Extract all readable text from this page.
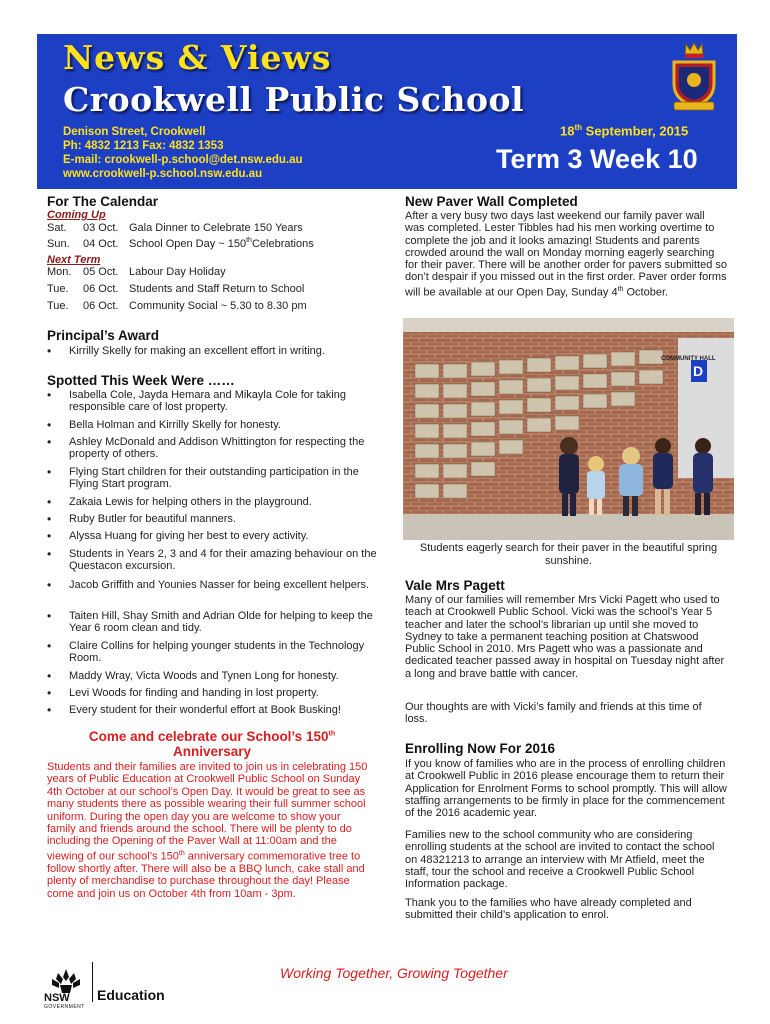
News & Views
Crookwell Public School
Denison Street, Crookwell
Ph: 4832 1213 Fax: 4832 1353
E-mail: crookwell-p.school@det.nsw.edu.au
www.crookwell-p.school.nsw.edu.au
18th September, 2015
Term 3 Week 10
For The Calendar
Coming Up
Sat. 03 Oct. Gala Dinner to Celebrate 150 Years
Sun. 04 Oct. School Open Day ~ 150thCelebrations
Next Term
Mon. 05 Oct. Labour Day Holiday
Tue. 06 Oct. Students and Staff Return to School
Tue. 06 Oct. Community Social ~ 5.30 to 8.30 pm
Principal’s Award
• Kirrilly Skelly for making an excellent effort in writing.
Spotted This Week Were ……
• Isabella Cole, Jayda Hemara and Mikayla Cole for taking responsible care of lost property.
• Bella Holman and Kirrilly Skelly for honesty.
• Ashley McDonald and Addison Whittington for respecting the property of others.
• Flying Start children for their outstanding participation in the Flying Start program.
• Zakaia Lewis for helping others in the playground.
• Ruby Butler for beautiful manners.
• Alyssa Huang for giving her best to every activity.
• Students in Years 2, 3 and 4 for their amazing behaviour on the Questacon excursion.
• Jacob Griffith and Younies Nasser for being excellent helpers.
• Taiten Hill, Shay Smith and Adrian Olde for helping to keep the Year 6 room clean and tidy.
• Claire Collins for helping younger students in the Technology Room.
• Maddy Wray, Victa Woods and Tynen Long for honesty.
• Levi Woods for finding and handing in lost property.
• Every student for their wonderful effort at Book Busking!
Come and celebrate our School’s 150th
Anniversary
Students and their families are invited to join us in celebrating 150 years of Public Education at Crookwell Public School on Sunday 4th October at our school’s Open Day. It would be great to see as many students there as possible wearing their full summer school uniform. During the open day you are welcome to show your family and friends around the school. There will be plenty to do including the Opening of the Paver Wall at 11:00am and the viewing of our school’s 150th anniversary commemorative tree to follow shortly after. There will also be a BBQ lunch, cake stall and plenty of merchandise to purchase throughout the day! Please come and join us on October 4th from 10am - 3pm.
New Paver Wall Completed
After a very busy two days last weekend our family paver wall was completed. Lester Tibbles had his men working overtime to complete the job and it looks amazing! Students and parents crowded around the wall on Monday morning eagerly searching for their paver. There will be another order for pavers submitted so don’t despair if you missed out in the first order. Paver order forms will be available at our Open Day, Sunday 4th October.
COMMUNITY HALL
D
Students eagerly search for their paver in the beautiful spring sunshine.
Vale Mrs Pagett
Many of our families will remember Mrs Vicki Pagett who used to teach at Crookwell Public School. Vicki was the school’s Year 5 teacher and later the school’s librarian up until she moved to Sydney to take a permanent teaching position at Chatswood Public School in 2010. Mrs Pagett who was a passionate and dedicated teacher passed away in hospital on Tuesday night after a long and brave battle with cancer.
Our thoughts are with Vicki’s family and friends at this time of loss.
Enrolling Now For 2016
If you know of families who are in the process of enrolling children at Crookwell Public in 2016 please encourage them to return their Application for Enrolment Forms to school promptly. This will allow staffing arrangements to be firmly in place for the commencement of the 2016 academic year.
Families new to the school community who are considering enrolling students at the school are invited to contact the school on 48321213 to arrange an interview with Mr Atfield, meet the staff, tour the school and receive a Crookwell Public School Information package.
Thank you to the families who have already completed and submitted their child’s application to enrol.
Working Together, Growing Together
NSW
GOVERNMENT
Education
